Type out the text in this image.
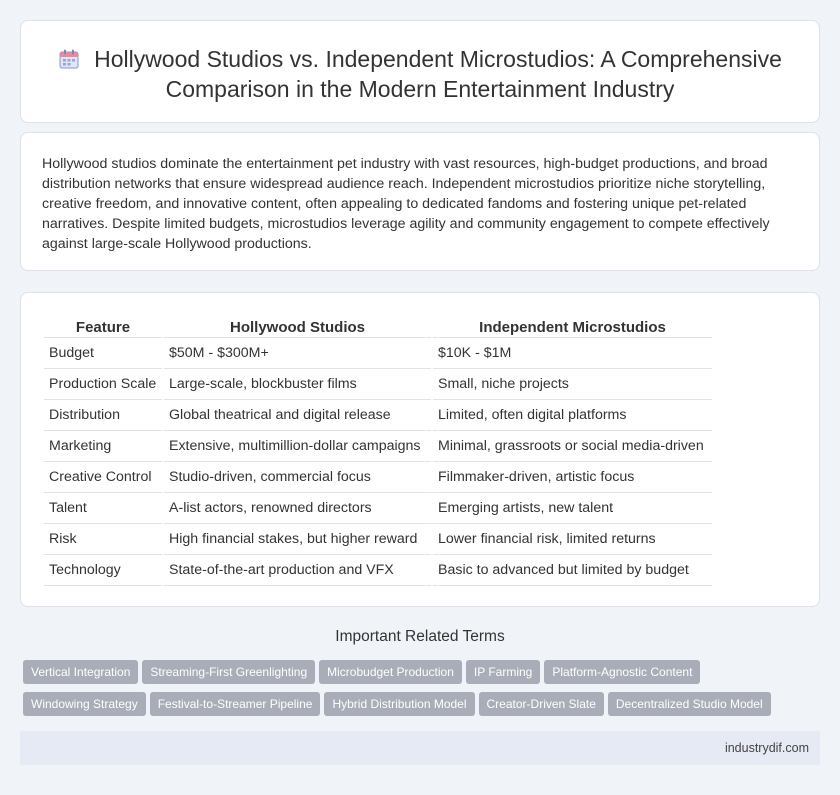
Hollywood Studios vs. Independent Microstudios: A Comprehensive Comparison in the Modern Entertainment Industry

Hollywood studios dominate the entertainment pet industry with vast resources, high-budget productions, and broad distribution networks that ensure widespread audience reach. Independent microstudios prioritize niche storytelling, creative freedom, and innovative content, often appealing to dedicated fandoms and fostering unique pet-related narratives. Despite limited budgets, microstudios leverage agility and community engagement to compete effectively against large-scale Hollywood productions.

Feature	Hollywood Studios	Independent Microstudios
Budget	$50M - $300M+	$10K - $1M
Production Scale	Large-scale, blockbuster films	Small, niche projects
Distribution	Global theatrical and digital release	Limited, often digital platforms
Marketing	Extensive, multimillion-dollar campaigns	Minimal, grassroots or social media-driven
Creative Control	Studio-driven, commercial focus	Filmmaker-driven, artistic focus
Talent	A-list actors, renowned directors	Emerging artists, new talent
Risk	High financial stakes, but higher reward	Lower financial risk, limited returns
Technology	State-of-the-art production and VFX	Basic to advanced but limited by budget
Important Related Terms
Vertical Integration Streaming-First Greenlighting Microbudget Production IP Farming Platform-Agnostic Content
Windowing Strategy Festival-to-Streamer Pipeline Hybrid Distribution Model Creator-Driven Slate Decentralized Studio Model
industrydif.com
